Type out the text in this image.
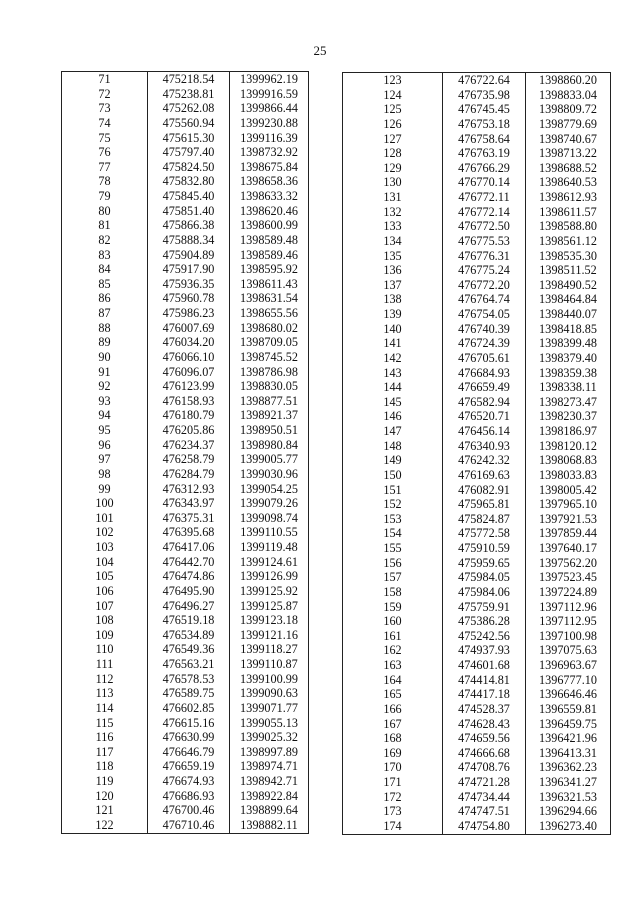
25
71	475218.54	1399962.19
72	475238.81	1399916.59
73	475262.08	1399866.44
74	475560.94	1399230.88
75	475615.30	1399116.39
76	475797.40	1398732.92
77	475824.50	1398675.84
78	475832.80	1398658.36
79	475845.40	1398633.32
80	475851.40	1398620.46
81	475866.38	1398600.99
82	475888.34	1398589.48
83	475904.89	1398589.46
84	475917.90	1398595.92
85	475936.35	1398611.43
86	475960.78	1398631.54
87	475986.23	1398655.56
88	476007.69	1398680.02
89	476034.20	1398709.05
90	476066.10	1398745.52
91	476096.07	1398786.98
92	476123.99	1398830.05
93	476158.93	1398877.51
94	476180.79	1398921.37
95	476205.86	1398950.51
96	476234.37	1398980.84
97	476258.79	1399005.77
98	476284.79	1399030.96
99	476312.93	1399054.25
100	476343.97	1399079.26
101	476375.31	1399098.74
102	476395.68	1399110.55
103	476417.06	1399119.48
104	476442.70	1399124.61
105	476474.86	1399126.99
106	476495.90	1399125.92
107	476496.27	1399125.87
108	476519.18	1399123.18
109	476534.89	1399121.16
110	476549.36	1399118.27
111	476563.21	1399110.87
112	476578.53	1399100.99
113	476589.75	1399090.63
114	476602.85	1399071.77
115	476615.16	1399055.13
116	476630.99	1399025.32
117	476646.79	1398997.89
118	476659.19	1398974.71
119	476674.93	1398942.71
120	476686.93	1398922.84
121	476700.46	1398899.64
122	476710.46	1398882.11
123	476722.64	1398860.20
124	476735.98	1398833.04
125	476745.45	1398809.72
126	476753.18	1398779.69
127	476758.64	1398740.67
128	476763.19	1398713.22
129	476766.29	1398688.52
130	476770.14	1398640.53
131	476772.11	1398612.93
132	476772.14	1398611.57
133	476772.50	1398588.80
134	476775.53	1398561.12
135	476776.31	1398535.30
136	476775.24	1398511.52
137	476772.20	1398490.52
138	476764.74	1398464.84
139	476754.05	1398440.07
140	476740.39	1398418.85
141	476724.39	1398399.48
142	476705.61	1398379.40
143	476684.93	1398359.38
144	476659.49	1398338.11
145	476582.94	1398273.47
146	476520.71	1398230.37
147	476456.14	1398186.97
148	476340.93	1398120.12
149	476242.32	1398068.83
150	476169.63	1398033.83
151	476082.91	1398005.42
152	475965.81	1397965.10
153	475824.87	1397921.53
154	475772.58	1397859.44
155	475910.59	1397640.17
156	475959.65	1397562.20
157	475984.05	1397523.45
158	475984.06	1397224.89
159	475759.91	1397112.96
160	475386.28	1397112.95
161	475242.56	1397100.98
162	474937.93	1397075.63
163	474601.68	1396963.67
164	474414.81	1396777.10
165	474417.18	1396646.46
166	474528.37	1396559.81
167	474628.43	1396459.75
168	474659.56	1396421.96
169	474666.68	1396413.31
170	474708.76	1396362.23
171	474721.28	1396341.27
172	474734.44	1396321.53
173	474747.51	1396294.66
174	474754.80	1396273.40
